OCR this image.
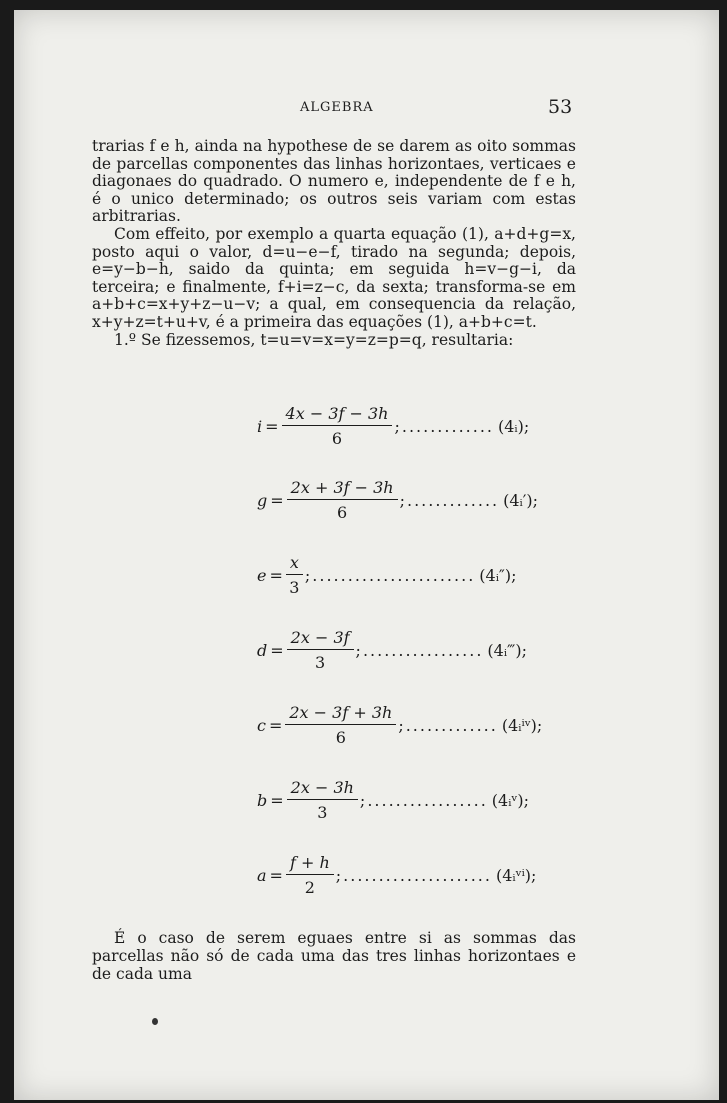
ALGEBRA	53

trarias f e h, ainda na hypothese de se darem as oito sommas de parcellas componentes das linhas horizontaes, verticaes e diagonaes do quadrado. O numero e, independente de f e h, é o unico determinado; os outros seis variam com estas arbitrarias.

Com effeito, por exemplo a quarta equação (1), a+d+g=x, posto aqui o valor, d=u−e−f, tirado na segunda; depois, e=y−b−h, saido da quinta; em seguida h=v−g−i, da terceira; e finalmente, f+i=z−c, da sexta; transforma-se em a+b+c=x+y+z−u−v; a qual, em consequencia da relação, x+y+z=t+u+v, é a primeira das equações (1), a+b+c=t.

1.º Se fizessemos, t=u=v=x=y=z=p=q, resultaria:

$i = \frac{4x - 3f - 3h}{6}$ ;............. (4ᵢ);
$g = \frac{2x + 3f - 3h}{6}$ ;............. (4ᵢ′);
$e = \frac{x}{3}$ ;....................... (4ᵢ″);
$d = \frac{2x - 3f}{3}$ ;................. (4ᵢ‴);
$c = \frac{2x - 3f + 3h}{6}$ ;............. (4ᵢⁱᵛ);
$b = \frac{2x - 3h}{3}$ ;................. (4ᵢᵛ);
$a = \frac{f + h}{2}$ ;..................... (4ᵢᵛⁱ);

É o caso de serem eguaes entre si as sommas das parcellas não só de cada uma das tres linhas horizontaes e de cada uma
